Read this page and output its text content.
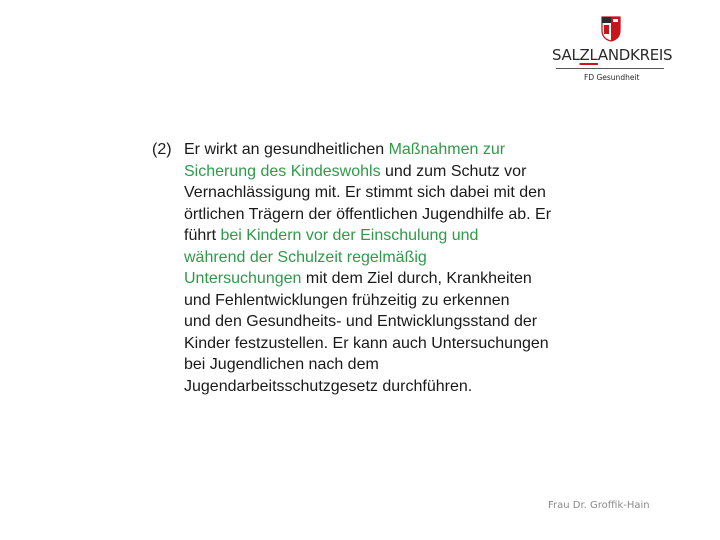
SALZLANDKREIS
FD Gesundheit
(2) Er wirkt an gesundheitlichen Maßnahmen zur
Sicherung des Kindeswohls und zum Schutz vor
Vernachlässigung mit. Er stimmt sich dabei mit den
örtlichen Trägern der öffentlichen Jugendhilfe ab. Er
führt bei Kindern vor der Einschulung und
während der Schulzeit regelmäßig
Untersuchungen mit dem Ziel durch, Krankheiten
und Fehlentwicklungen frühzeitig zu erkennen
und den Gesundheits- und Entwicklungsstand der
Kinder festzustellen. Er kann auch Untersuchungen
bei Jugendlichen nach dem
Jugendarbeitsschutzgesetz durchführen.
Frau Dr. Groffik-Hain
